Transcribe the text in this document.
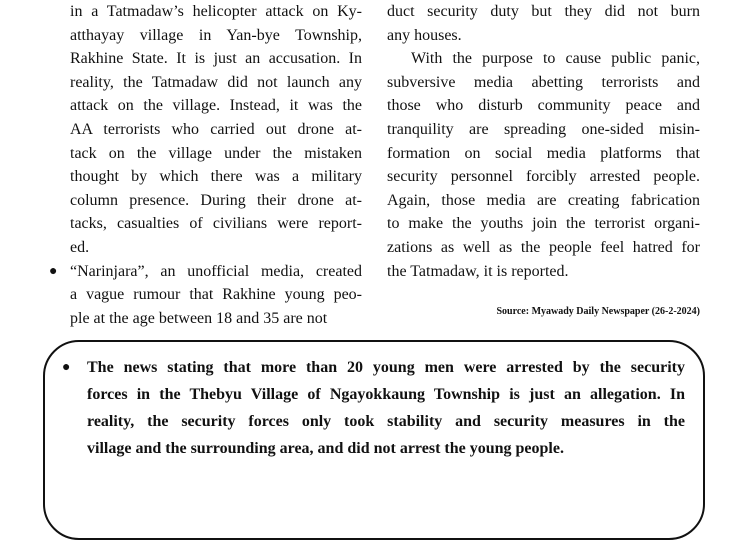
in a Tatmadaw’s helicopter attack on Ky-
atthayay village in Yan-bye Township,
Rakhine State. It is just an accusation. In
reality, the Tatmadaw did not launch any
attack on the village. Instead, it was the
AA terrorists who carried out drone at-
tack on the village under the mistaken
thought by which there was a military
column presence. During their drone at-
tacks, casualties of civilians were report-
ed.
● “Narinjara”, an unofficial media, created
a vague rumour that Rakhine young peo-
ple at the age between 18 and 35 are not
duct security duty but they did not burn
any houses.
With the purpose to cause public panic,
subversive media abetting terrorists and
those who disturb community peace and
tranquility are spreading one-sided misin-
formation on social media platforms that
security personnel forcibly arrested people.
Again, those media are creating fabrication
to make the youths join the terrorist organi-
zations as well as the people feel hatred for
the Tatmadaw, it is reported.
Source: Myawady Daily Newspaper (26-2-2024)
● The news stating that more than 20 young men were arrested by the security
forces in the Thebyu Village of Ngayokkaung Township is just an allegation. In
reality, the security forces only took stability and security measures in the
village and the surrounding area, and did not arrest the young people.
